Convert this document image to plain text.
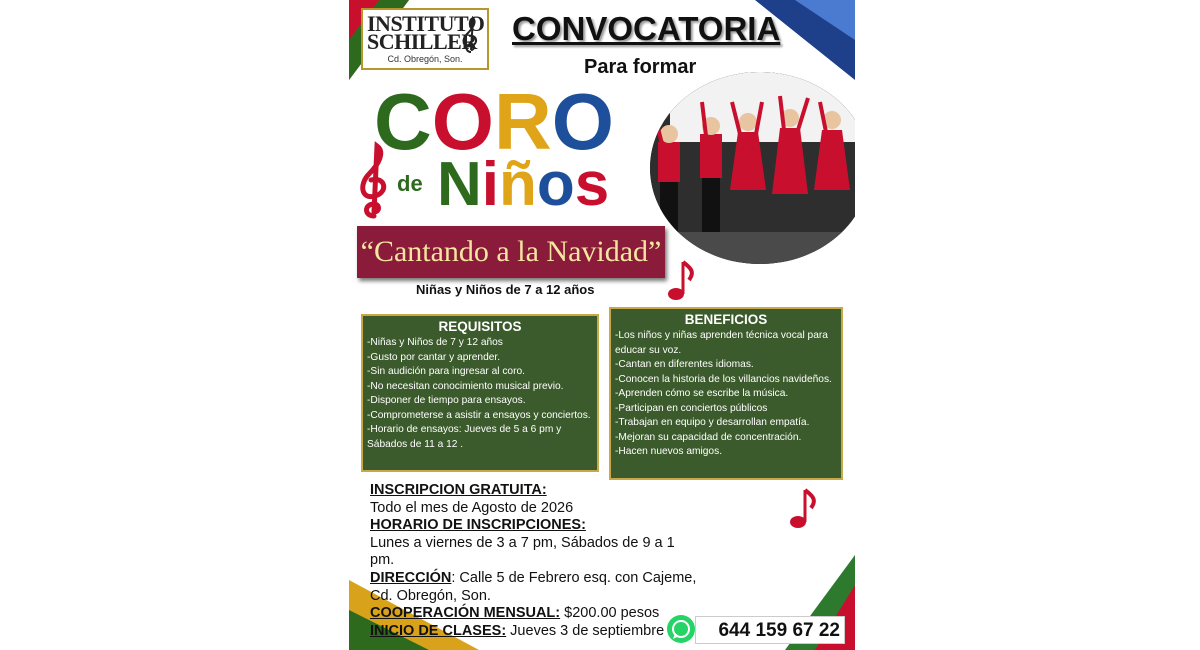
INSTITUTO
SCHILLER
Cd. Obregón, Son.
CONVOCATORIA
Para formar
CORO
de Niños
“Cantando a la Navidad”
Niñas y Niños de 7 a 12 años
REQUISITOS
-Niñas y Niños de 7 y 12 años
-Gusto por cantar y aprender.
-Sin audición para ingresar al coro.
-No necesitan conocimiento musical previo.
-Disponer de tiempo para ensayos.
-Comprometerse a asistir a ensayos y conciertos.
-Horario de ensayos: Jueves de 5 a 6 pm y Sábados de 11 a 12 .
BENEFICIOS
-Los niños y niñas aprenden técnica vocal para educar su voz.
-Cantan en diferentes idiomas.
-Conocen la historia de los villancios navideños.
-Aprenden cómo se escribe la música.
-Participan en conciertos públicos
-Trabajan en equipo y desarrollan empatía.
-Mejoran su capacidad de concentración.
-Hacen nuevos amigos.
INSCRIPCION GRATUITA:
Todo el mes de Agosto de 2026
HORARIO DE INSCRIPCIONES:
Lunes a viernes de 3 a 7 pm, Sábados de 9 a 1 pm.
DIRECCIÓN: Calle 5 de Febrero esq. con Cajeme, Cd. Obregón, Son.
COOPERACIÓN MENSUAL: $200.00 pesos
INICIO DE CLASES: Jueves 3 de septiembre	644 159 67 22
